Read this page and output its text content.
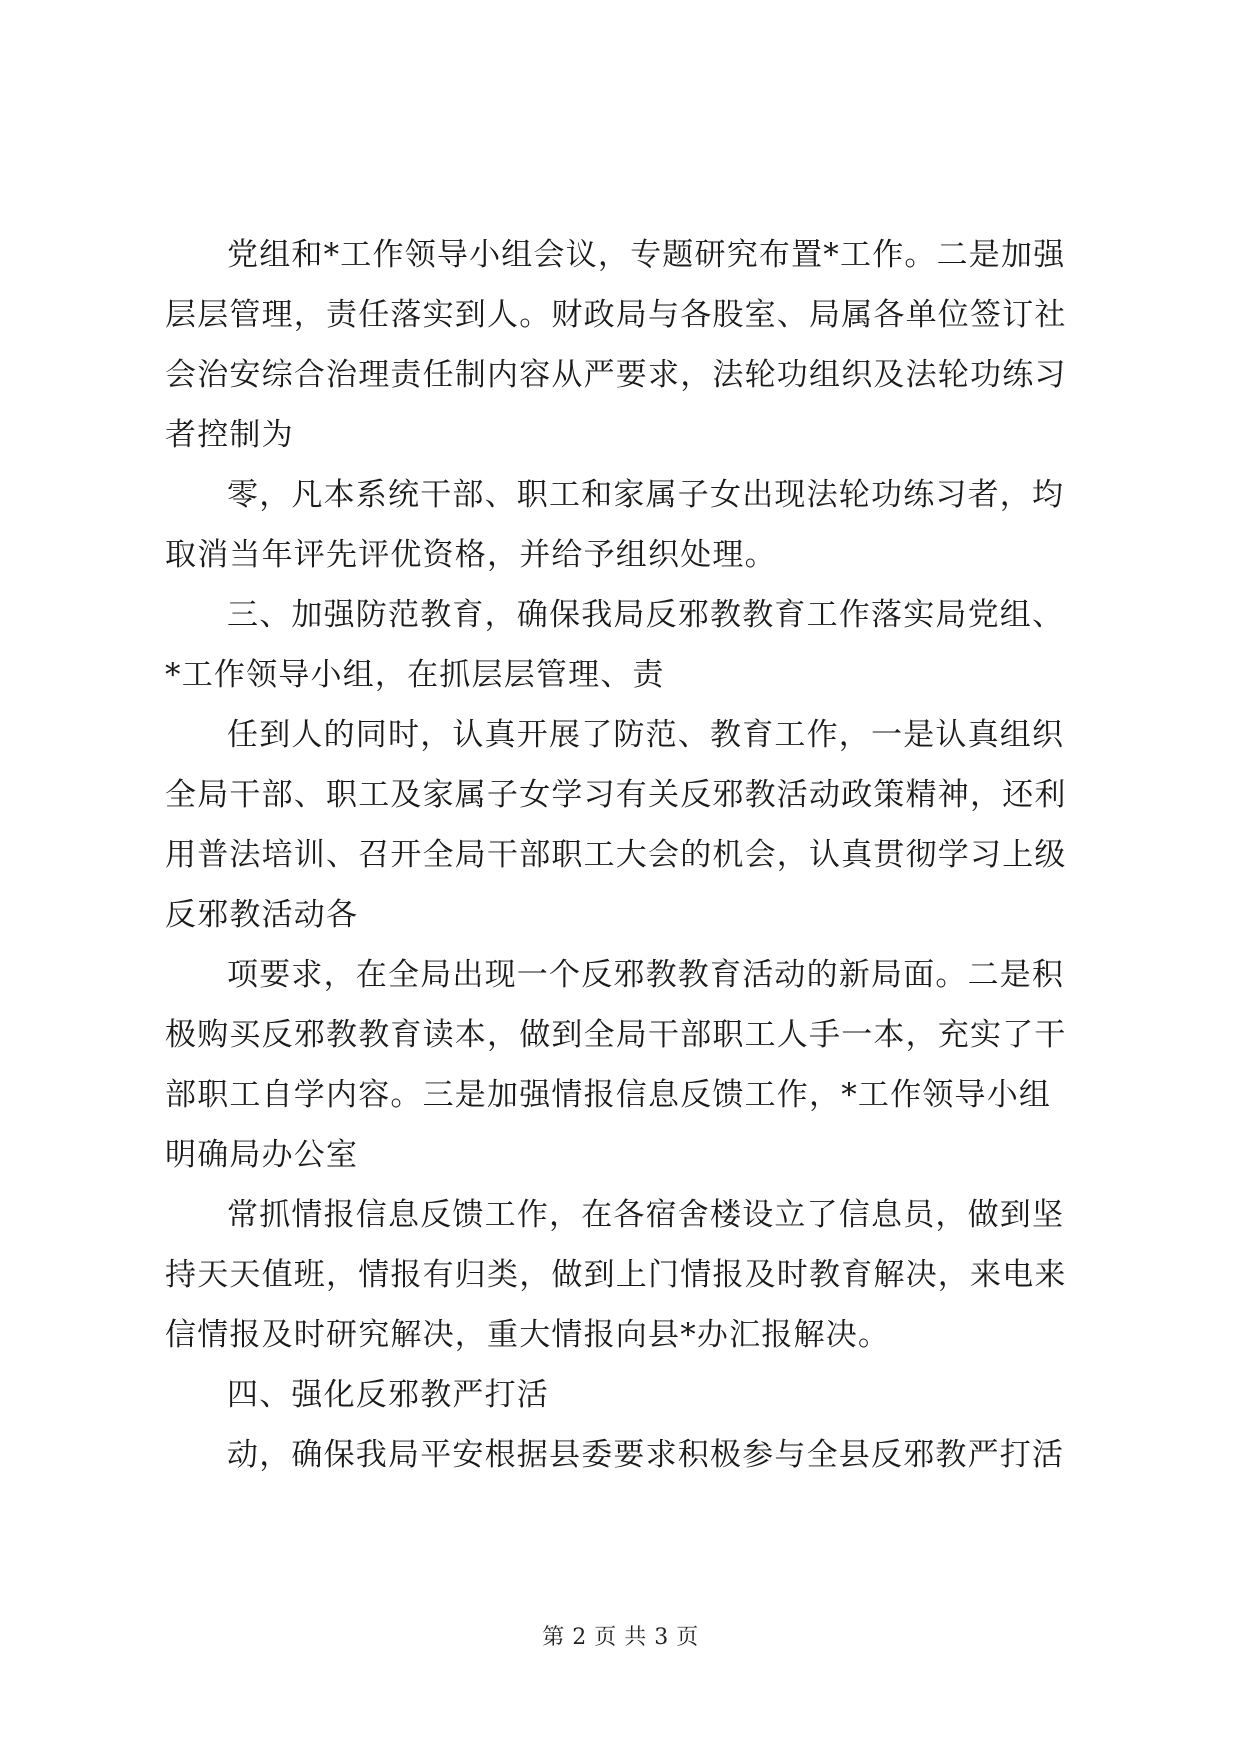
党组和*工作领导小组会议，专题研究布置*工作。二是加强
层层管理，责任落实到人。财政局与各股室、局属各单位签订社
会治安综合治理责任制内容从严要求，法轮功组织及法轮功练习
者控制为

零，凡本系统干部、职工和家属子女出现法轮功练习者，均
取消当年评先评优资格，并给予组织处理。

三、加强防范教育，确保我局反邪教教育工作落实局党组、
*工作领导小组，在抓层层管理、责

任到人的同时，认真开展了防范、教育工作，一是认真组织
全局干部、职工及家属子女学习有关反邪教活动政策精神，还利
用普法培训、召开全局干部职工大会的机会，认真贯彻学习上级
反邪教活动各

项要求，在全局出现一个反邪教教育活动的新局面。二是积
极购买反邪教教育读本，做到全局干部职工人手一本，充实了干
部职工自学内容。三是加强情报信息反馈工作，*工作领导小组
明确局办公室

常抓情报信息反馈工作，在各宿舍楼设立了信息员，做到坚
持天天值班，情报有归类，做到上门情报及时教育解决，来电来
信情报及时研究解决，重大情报向县*办汇报解决。

四、强化反邪教严打活

动，确保我局平安根据县委要求积极参与全县反邪教严打活

第 2 页 共 3 页
